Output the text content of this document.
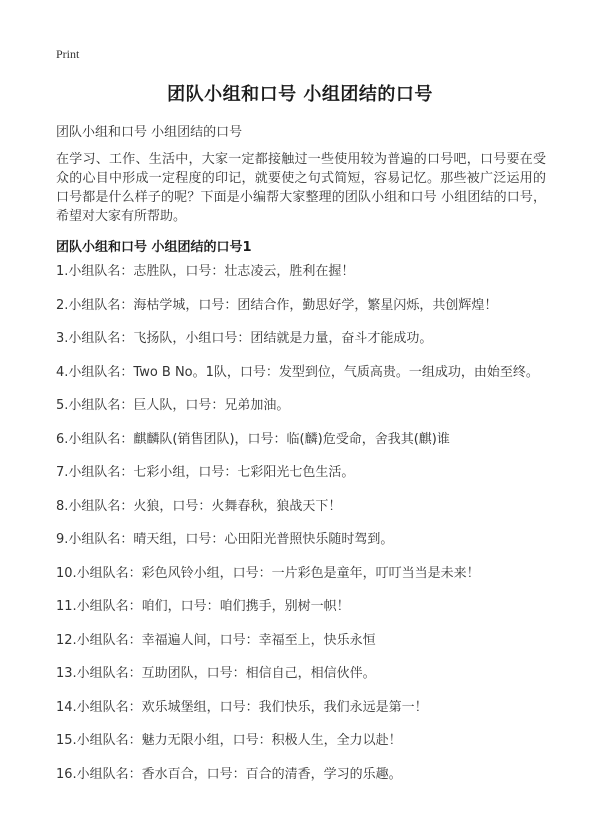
Print
团队小组和口号 小组团结的口号
团队小组和口号 小组团结的口号
在学习、工作、生活中，大家一定都接触过一些使用较为普遍的口号吧，口号要在受众的心目中形成一定程度的印记，就要使之句式简短，容易记忆。那些被广泛运用的口号都是什么样子的呢？下面是小编帮大家整理的团队小组和口号 小组团结的口号，希望对大家有所帮助。
团队小组和口号 小组团结的口号1
1.小组队名：志胜队，口号：壮志凌云，胜利在握！
2.小组队名：海枯学城，口号：团结合作，勤思好学，繁星闪烁，共创辉煌！
3.小组队名：飞扬队，小组口号：团结就是力量，奋斗才能成功。
4.小组队名：Two B No。1队，口号：发型到位，气质高贵。一组成功，由始至终。
5.小组队名：巨人队，口号：兄弟加油。
6.小组队名：麒麟队(销售团队)，口号：临(麟)危受命，舍我其(麒)谁
7.小组队名：七彩小组，口号：七彩阳光七色生活。
8.小组队名：火狼，口号：火舞春秋，狼战天下！
9.小组队名：晴天组，口号：心田阳光普照快乐随时驾到。
10.小组队名：彩色风铃小组，口号：一片彩色是童年，叮叮当当是未来！
11.小组队名：咱们，口号：咱们携手，别树一帜！
12.小组队名：幸福遍人间，口号：幸福至上，快乐永恒
13.小组队名：互助团队，口号：相信自己，相信伙伴。
14.小组队名：欢乐城堡组，口号：我们快乐，我们永远是第一！
15.小组队名：魅力无限小组，口号：积极人生，全力以赴！
16.小组队名：香水百合，口号：百合的清香，学习的乐趣。
